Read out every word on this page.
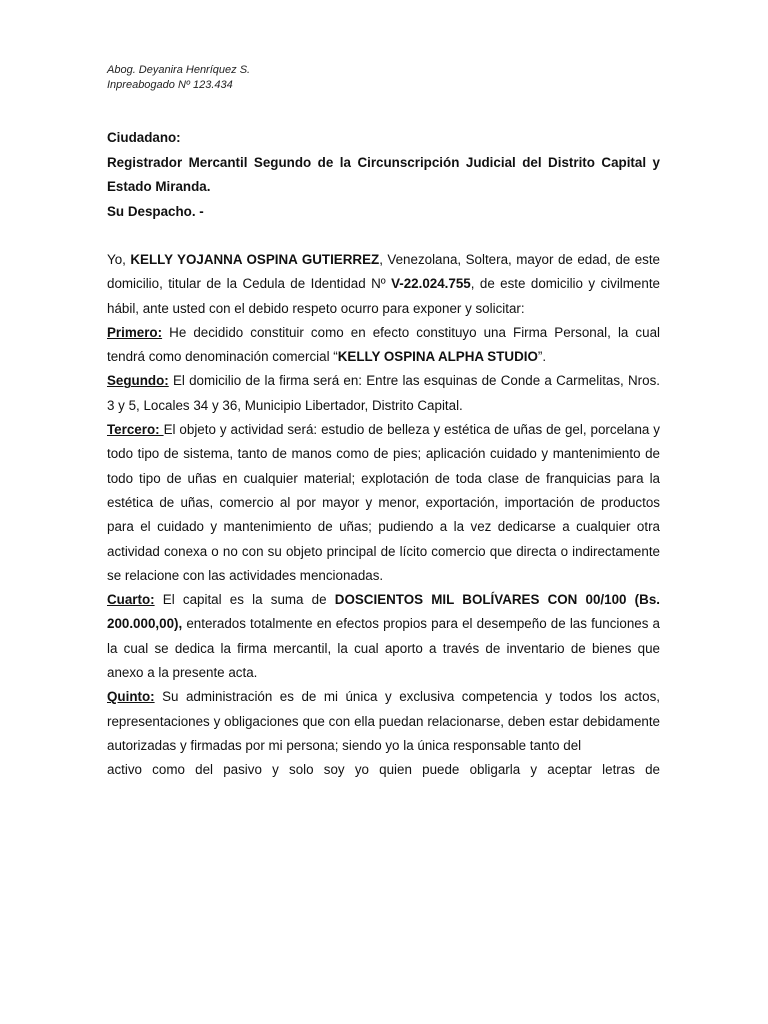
Abog. Deyanira Henríquez S.
Inpreabogado Nº 123.434
Ciudadano:
Registrador Mercantil Segundo de la Circunscripción Judicial del Distrito Capital y Estado Miranda.
Su Despacho. -

Yo, KELLY YOJANNA OSPINA GUTIERREZ, Venezolana, Soltera, mayor de edad, de este domicilio, titular de la Cedula de Identidad Nº V-22.024.755, de este domicilio y civilmente hábil, ante usted con el debido respeto ocurro para exponer y solicitar:

Primero: He decidido constituir como en efecto constituyo una Firma Personal, la cual tendrá como denominación comercial “KELLY OSPINA ALPHA STUDIO”.

Segundo: El domicilio de la firma será en: Entre las esquinas de Conde a Carmelitas, Nros. 3 y 5, Locales 34 y 36, Municipio Libertador, Distrito Capital.

Tercero: El objeto y actividad será: estudio de belleza y estética de uñas de gel, porcelana y todo tipo de sistema, tanto de manos como de pies; aplicación cuidado y mantenimiento de todo tipo de uñas en cualquier material; explotación de toda clase de franquicias para la estética de uñas, comercio al por mayor y menor, exportación, importación de productos para el cuidado y mantenimiento de uñas; pudiendo a la vez dedicarse a cualquier otra actividad conexa o no con su objeto principal de lícito comercio que directa o indirectamente se relacione con las actividades mencionadas.

Cuarto: El capital es la suma de DOSCIENTOS MIL BOLÍVARES CON 00/100 (Bs. 200.000,00), enterados totalmente en efectos propios para el desempeño de las funciones a la cual se dedica la firma mercantil, la cual aporto a través de inventario de bienes que anexo a la presente acta.

Quinto: Su administración es de mi única y exclusiva competencia y todos los actos, representaciones y obligaciones que con ella puedan relacionarse, deben estar debidamente autorizadas y firmadas por mi persona; siendo yo la única responsable tanto del

activo como del pasivo y solo soy yo quien puede obligarla y aceptar letras de
